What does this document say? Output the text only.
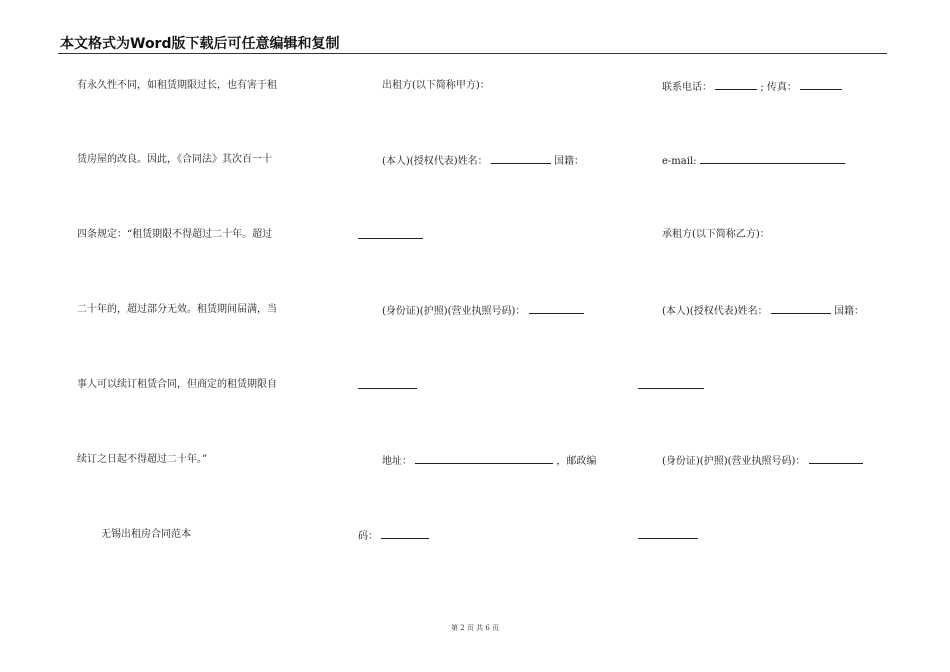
本文格式为Word版下载后可任意编辑和复制
有永久性不同，如租赁期限过长，也有害于租
赁房屋的改良。因此，《合同法》其次百一十
四条规定：“租赁期限不得超过二十年。超过
二十年的，超过部分无效。租赁期间届满，当
事人可以续订租赁合同，但商定的租赁期限自
续订之日起不得超过二十年。”
无锡出租房合同范本
出租方(以下简称甲方)：
(本人)(授权代表)姓名：	国籍：
(身份证)(护照)(营业执照号码)：
地址：	，邮政编
码：
联系电话：	; 传真：
e-mail:
承租方(以下简称乙方)：
(本人)(授权代表)姓名：	国籍：
(身份证)(护照)(营业执照号码)：
第 2 页 共 6 页
